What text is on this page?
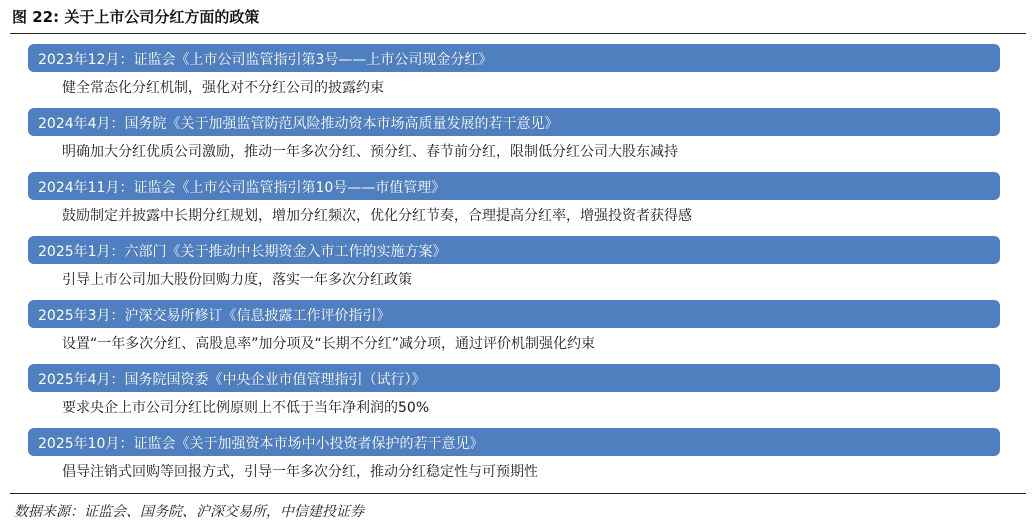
图 22: 关于上市公司分红方面的政策
2023年12月：证监会《上市公司监管指引第3号——上市公司现金分红》
健全常态化分红机制，强化对不分红公司的披露约束
2024年4月：国务院《关于加强监管防范风险推动资本市场高质量发展的若干意见》
明确加大分红优质公司激励，推动一年多次分红、预分红、春节前分红，限制低分红公司大股东减持
2024年11月：证监会《上市公司监管指引第10号——市值管理》
鼓励制定并披露中长期分红规划，增加分红频次，优化分红节奏，合理提高分红率，增强投资者获得感
2025年1月：六部门《关于推动中长期资金入市工作的实施方案》
引导上市公司加大股份回购力度，落实一年多次分红政策
2025年3月：沪深交易所修订《信息披露工作评价指引》
设置“一年多次分红、高股息率”加分项及“长期不分红”减分项，通过评价机制强化约束
2025年4月：国务院国资委《中央企业市值管理指引（试行）》
要求央企上市公司分红比例原则上不低于当年净利润的50%
2025年10月：证监会《关于加强资本市场中小投资者保护的若干意见》
倡导注销式回购等回报方式，引导一年多次分红，推动分红稳定性与可预期性
数据来源：证监会、国务院、沪深交易所，中信建投证券
